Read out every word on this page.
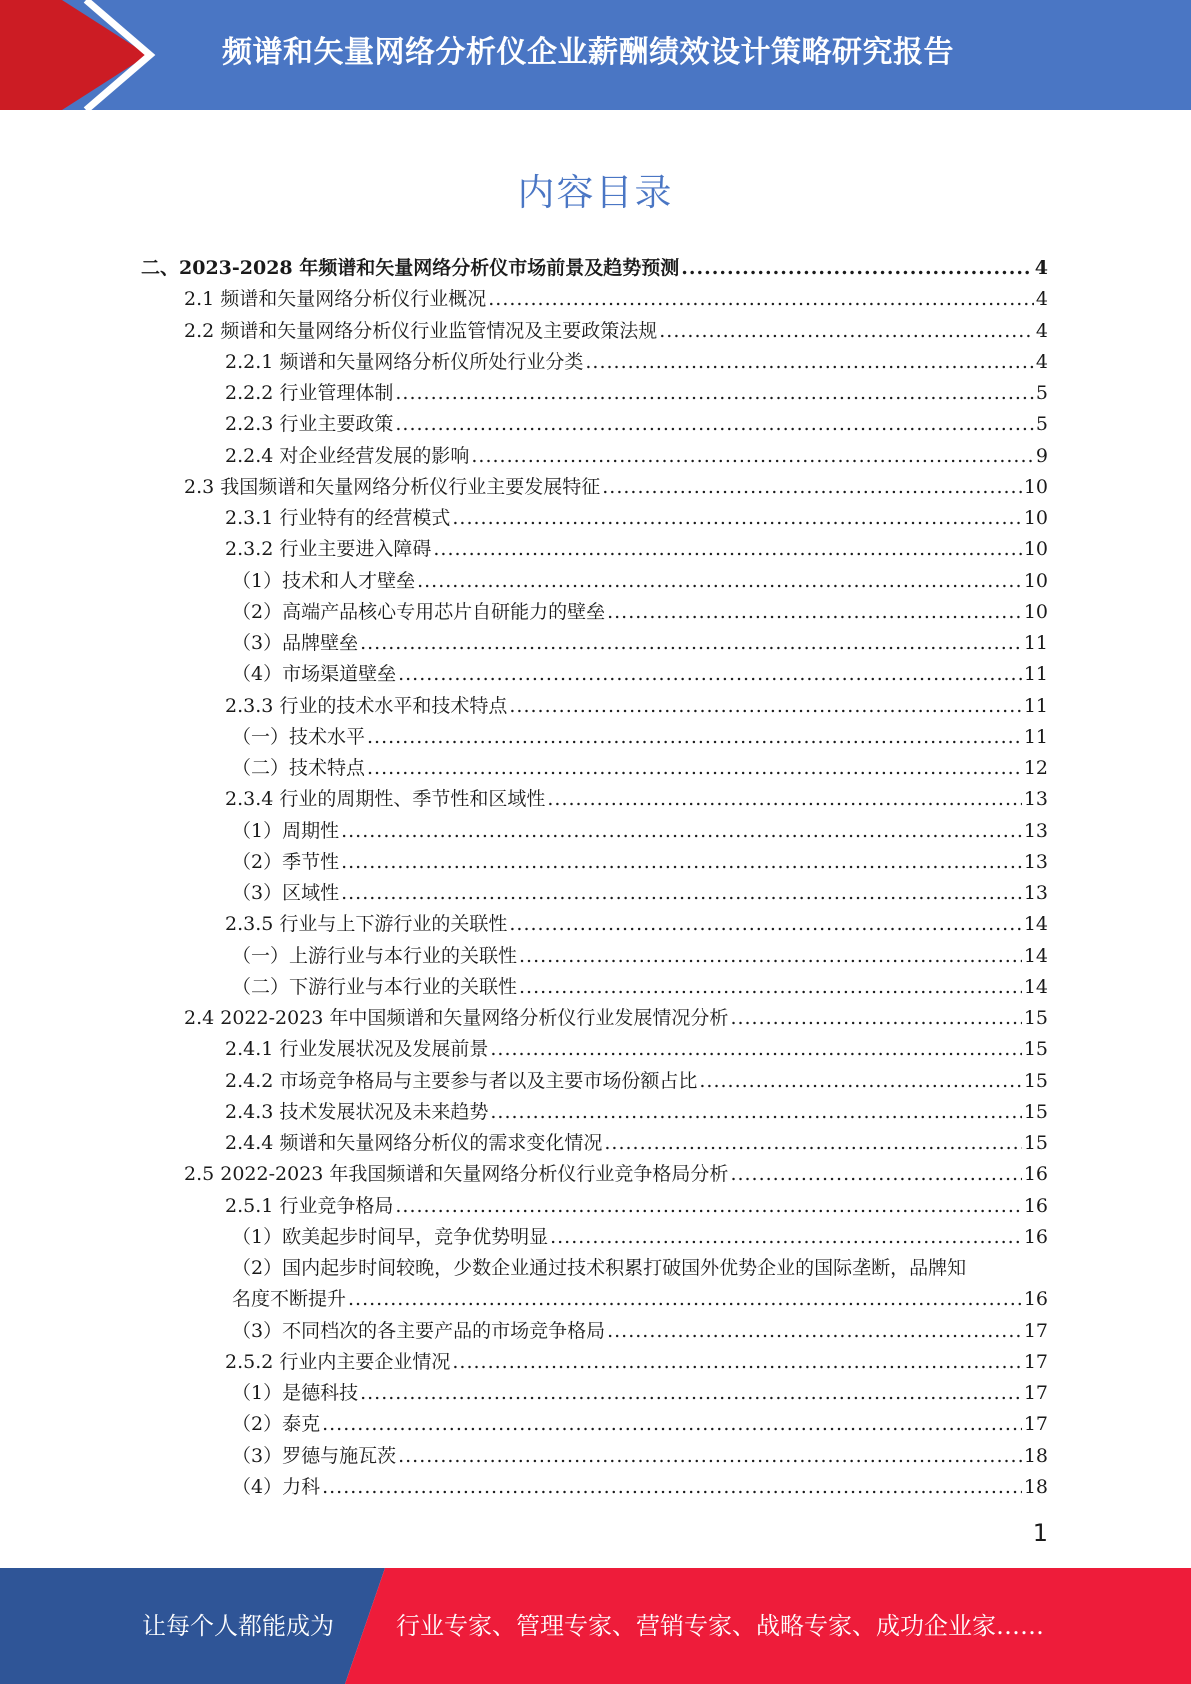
频谱和矢量网络分析仪企业薪酬绩效设计策略研究报告
内容目录
二、2023-2028 年频谱和矢量网络分析仪市场前景及趋势预测 .....	4
2.1 频谱和矢量网络分析仪行业概况 .....	4
2.2 频谱和矢量网络分析仪行业监管情况及主要政策法规 .....	4
2.2.1 频谱和矢量网络分析仪所处行业分类 .....	4
2.2.2 行业管理体制 .....	5
2.2.3 行业主要政策 .....	5
2.2.4 对企业经营发展的影响 .....	9
2.3 我国频谱和矢量网络分析仪行业主要发展特征 .....	10
2.3.1 行业特有的经营模式 .....	10
2.3.2 行业主要进入障碍 .....	10
（1）技术和人才壁垒 .....	10
（2）高端产品核心专用芯片自研能力的壁垒 .....	10
（3）品牌壁垒 .....	11
（4）市场渠道壁垒 .....	11
2.3.3 行业的技术水平和技术特点 .....	11
（一）技术水平 .....	11
（二）技术特点 .....	12
2.3.4 行业的周期性、季节性和区域性 .....	13
（1）周期性 .....	13
（2）季节性 .....	13
（3）区域性 .....	13
2.3.5 行业与上下游行业的关联性 .....	14
（一）上游行业与本行业的关联性 .....	14
（二）下游行业与本行业的关联性 .....	14
2.4 2022-2023 年中国频谱和矢量网络分析仪行业发展情况分析 .....	15
2.4.1 行业发展状况及发展前景 .....	15
2.4.2 市场竞争格局与主要参与者以及主要市场份额占比 .....	15
2.4.3 技术发展状况及未来趋势 .....	15
2.4.4 频谱和矢量网络分析仪的需求变化情况 .....	15
2.5 2022-2023 年我国频谱和矢量网络分析仪行业竞争格局分析 .....	16
2.5.1 行业竞争格局 .....	16
（1）欧美起步时间早，竞争优势明显 .....	16
（2）国内起步时间较晚，少数企业通过技术积累打破国外优势企业的国际垄断，品牌知
名度不断提升 .....	16
（3）不同档次的各主要产品的市场竞争格局 .....	17
2.5.2 行业内主要企业情况 .....	17
（1）是德科技 .....	17
（2）泰克 .....	17
（3）罗德与施瓦茨 .....	18
（4）力科 .....	18
1
让每个人都能成为	行业专家、管理专家、营销专家、战略专家、成功企业家……
